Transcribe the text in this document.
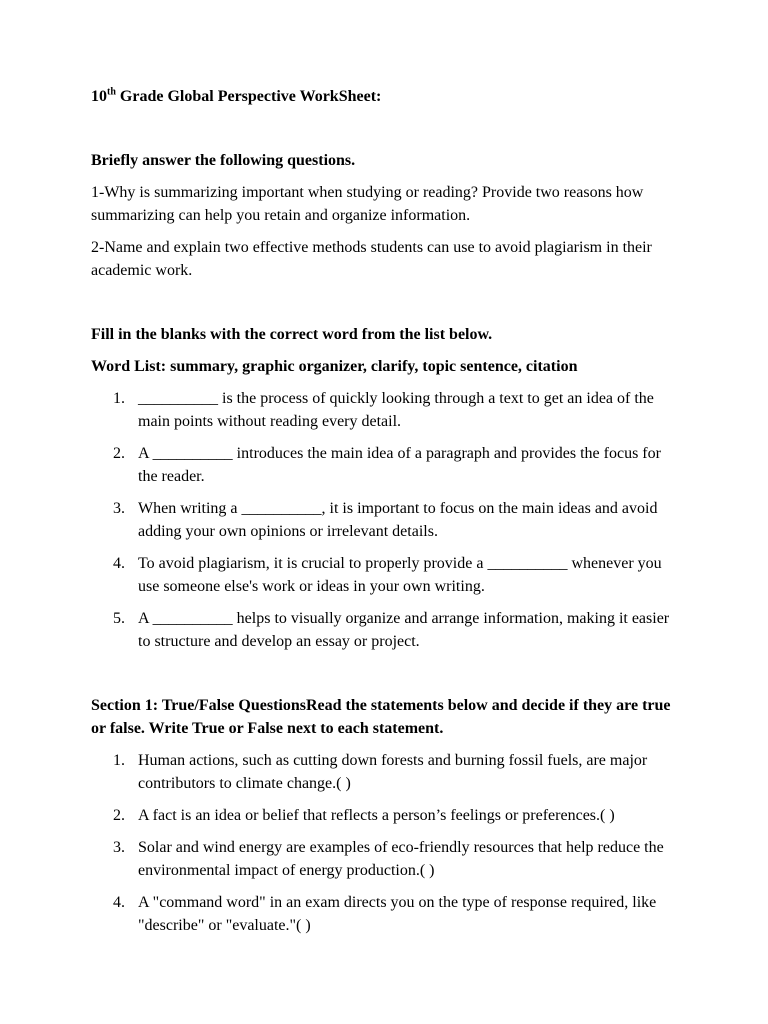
10th Grade Global Perspective WorkSheet:

Briefly answer the following questions.

1-Why is summarizing important when studying or reading? Provide two reasons how summarizing can help you retain and organize information.

2-Name and explain two effective methods students can use to avoid plagiarism in their academic work.

Fill in the blanks with the correct word from the list below.

Word List: summary, graphic organizer, clarify, topic sentence, citation

1. __________ is the process of quickly looking through a text to get an idea of the main points without reading every detail.
2. A __________ introduces the main idea of a paragraph and provides the focus for the reader.
3. When writing a __________, it is important to focus on the main ideas and avoid adding your own opinions or irrelevant details.
4. To avoid plagiarism, it is crucial to properly provide a __________ whenever you use someone else's work or ideas in your own writing.
5. A __________ helps to visually organize and arrange information, making it easier to structure and develop an essay or project.

Section 1: True/False QuestionsRead the statements below and decide if they are true or false. Write True or False next to each statement.

1. Human actions, such as cutting down forests and burning fossil fuels, are major contributors to climate change.( )
2. A fact is an idea or belief that reflects a person’s feelings or preferences.( )
3. Solar and wind energy are examples of eco-friendly resources that help reduce the environmental impact of energy production.( )
4. A "command word" in an exam directs you on the type of response required, like "describe" or "evaluate."( )
